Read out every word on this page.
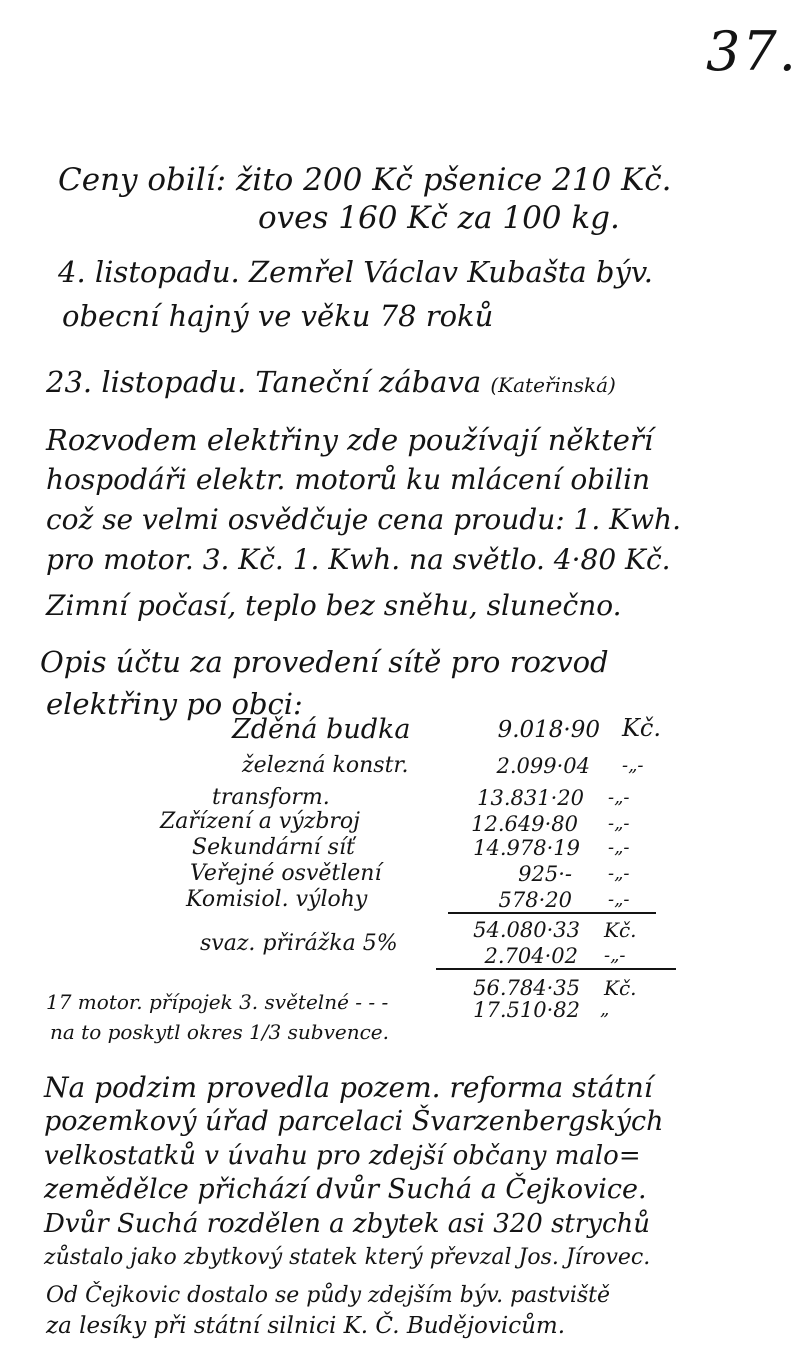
37.
Ceny obilí: žito 200 Kč pšenice 210 Kč.
oves 160 Kč za 100 kg.
4. listopadu. Zemřel Václav Kubašta býv.
obecní hajný ve věku 78 roků
23. listopadu. Taneční zábava (Kateřinská)
Rozvodem elektřiny zde používají někteří
hospodáři elektr. motorů ku mlácení obilin
což se velmi osvědčuje cena proudu: 1. Kwh.
pro motor. 3. Kč. 1. Kwh. na světlo. 4·80 Kč.
Zimní počasí, teplo bez sněhu, slunečno.
Opis účtu za provedení sítě pro rozvod
elektřiny po obci:
Zděná budka	9.018·90 Kč.
železná konstr.	2.099·04 -„-
transform.	13.831·20 -„-
Zařízení a výzbroj	12.649·80 -„-
Sekundární síť	14.978·19 -„-
Veřejné osvětlení	925·- -„-
Komisiol. výlohy	578·20 -„-
54.080·33 Kč.
svaz. přirážka 5%	2.704·02 -„-
56.784·35 Kč.
17 motor. přípojek 3. světelné - - -	17.510·82 „
na to poskytl okres 1/3 subvence.
Na podzim provedla pozem. reforma státní
pozemkový úřad parcelaci Švarzenbergských
velkostatků v úvahu pro zdejší občany malo=
zemědělce přichází dvůr Suchá a Čejkovice.
Dvůr Suchá rozdělen a zbytek asi 320 strychů
zůstalo jako zbytkový statek který převzal Jos. Jírovec.
Od Čejkovic dostalo se půdy zdejším býv. pastviště
za lesíky při státní silnici K. Č. Budějovicům.
